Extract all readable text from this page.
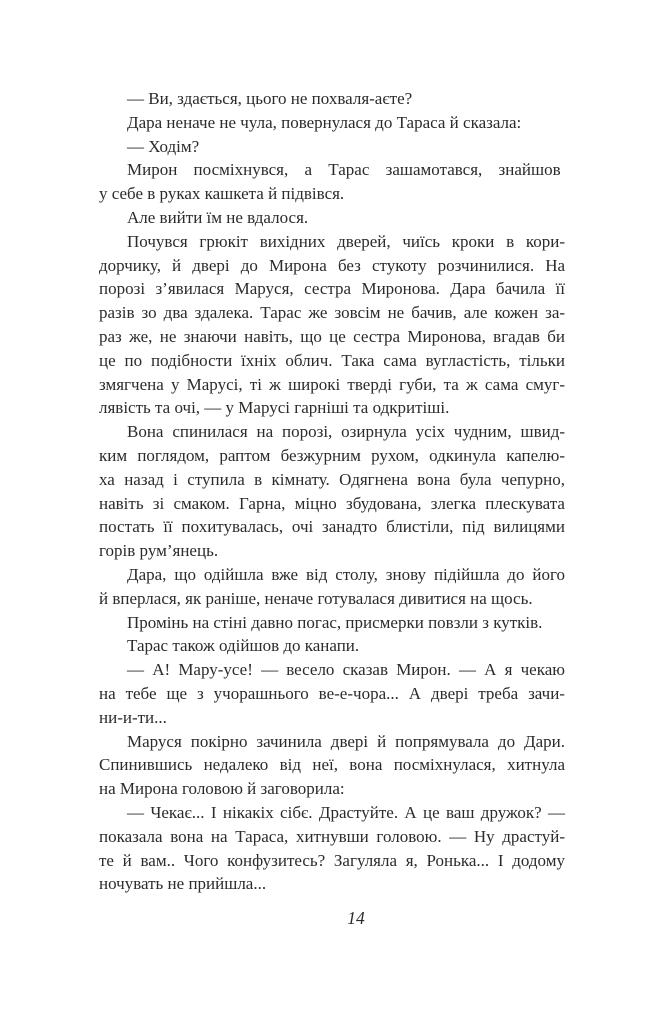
— Ви, здається, цього не похваля-аєте?
Дара неначе не чула, повернулася до Тараса й сказала:
— Ходім?
Мирон посміхнувся, а Тарас зашамотався, знайшов
у себе в руках кашкета й підвівся.
Але вийти їм не вдалося.
Почувся грюкіт вихідних дверей, чиїсь кроки в кори-
дорчику, й двері до Мирона без стукоту розчинилися. На
порозі з’явилася Маруся, сестра Миронова. Дара бачила її
разів зо два здалека. Тарас же зовсім не бачив, але кожен за-
раз же, не знаючи навіть, що це сестра Миронова, вгадав би
це по подібности їхніх облич. Така сама вугластість, тільки
змягчена у Марусі, ті ж широкі тверді губи, та ж сама смуг-
лявість та очі, — у Марусі гарніші та одкритіші.
Вона спинилася на порозі, озирнула усіх чудним, швид-
ким поглядом, раптом безжурним рухом, одкинула капелю-
ха назад і ступила в кімнату. Одягнена вона була чепурно,
навіть зі смаком. Гарна, міцно збудована, злегка плескувата
постать її похитувалась, очі занадто блистіли, під вилицями
горів рум’янець.
Дара, що одійшла вже від столу, знову підійшла до його
й вперлася, як раніше, неначе готувалася дивитися на щось.
Промінь на стіні давно погас, присмерки повзли з кутків.
Тарас також одійшов до канапи.
— А! Мару-усе! — весело сказав Мирон. — А я чекаю
на тебе ще з учорашнього ве-е-чора... А двері треба зачи-
ни-и-ти...
Маруся покірно зачинила двері й попрямувала до Дари.
Спинившись недалеко від неї, вона посміхнулася, хитнула
на Мирона головою й заговорила:
— Чекає... І нікакіх сібє. Драстуйте. А це ваш дружок? —
показала вона на Тараса, хитнувши головою. — Ну драстуй-
те й вам.. Чого конфузитесь? Загуляла я, Ронька... І додому
ночувать не прийшла...
14
